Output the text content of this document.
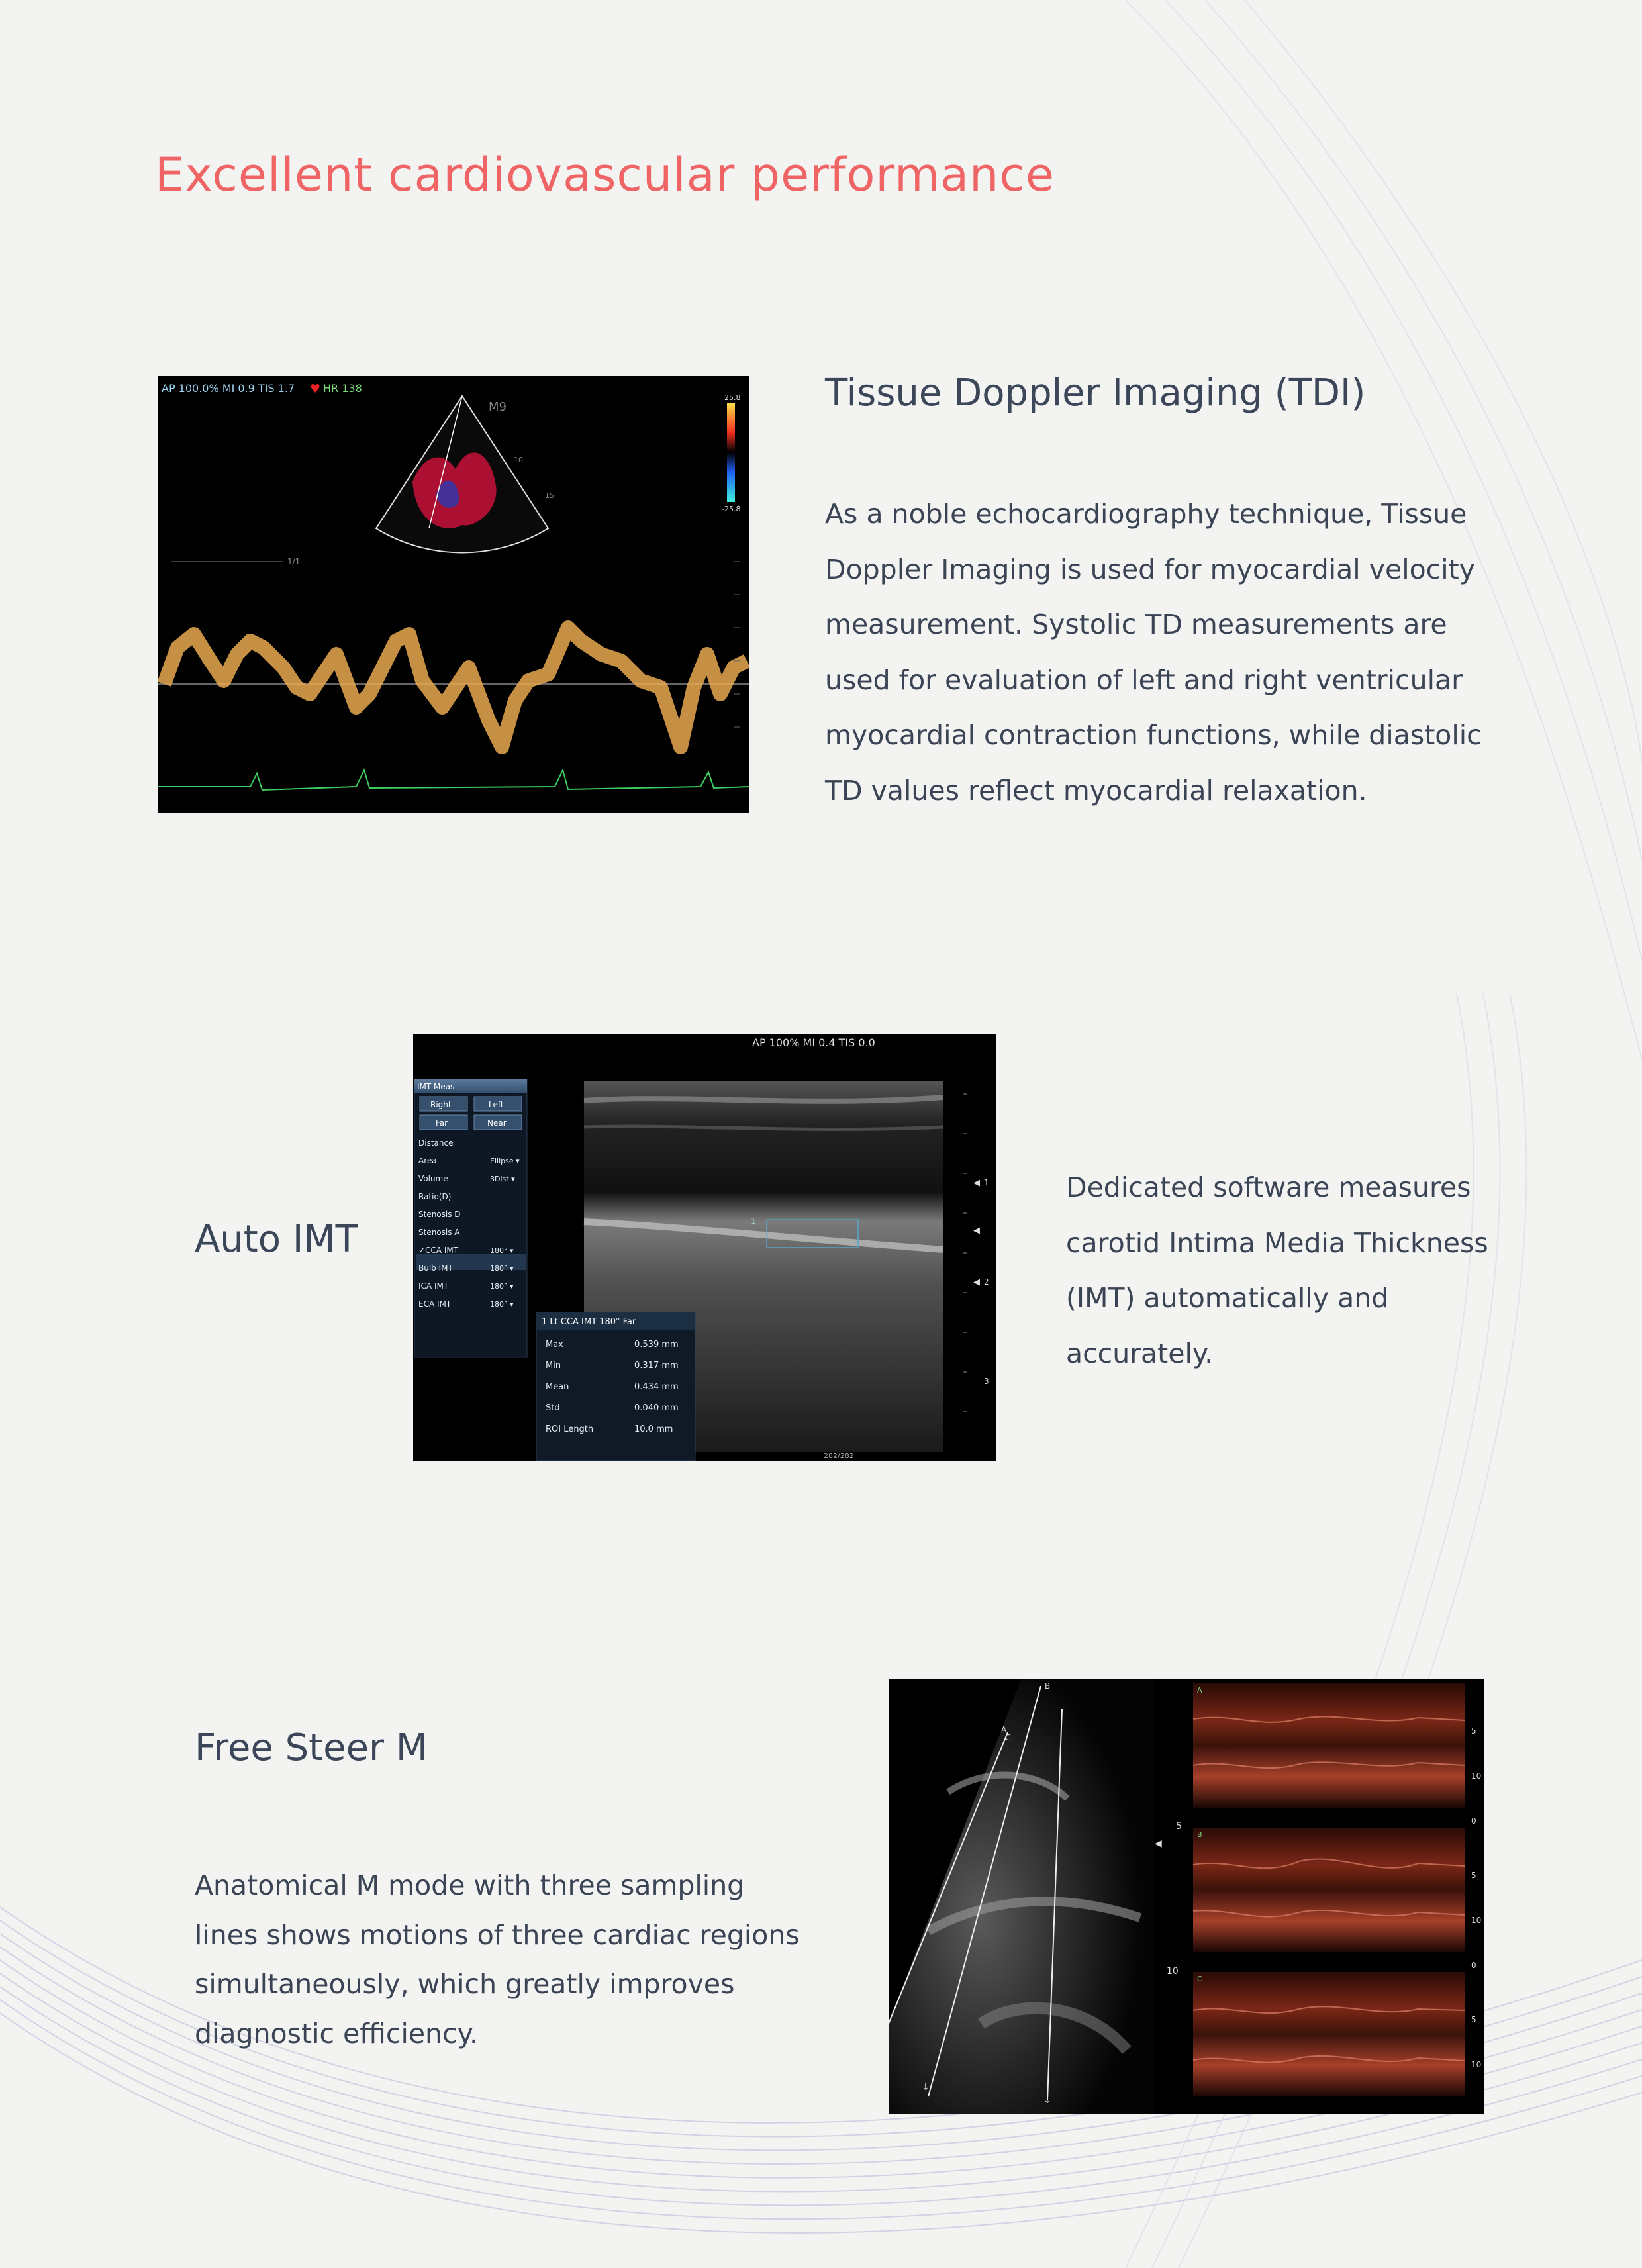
Excellent cardiovascular performance
AP 100.0% MI 0.9 TIS 1.7 ♥ HR 138
M9
10
15
25.8
-25.8
1/1
Tissue Doppler Imaging (TDI)

As a noble echocardiography technique, Tissue Doppler Imaging is used for myocardial velocity measurement. Systolic TD measurements are used for evaluation of left and right ventricular myocardial contraction functions, while diastolic TD values reflect myocardial relaxation.

Auto IMT
AP 100% MI 0.4 TIS 0.0
1
◀ 1
◀
◀ 2
3
IMT Meas
Right	Left
Far	Near
Distance
Area	Ellipse ▾
Volume	3Dist ▾
Ratio(D)
Stenosis D
Stenosis A
✓CCA IMT	180° ▾
Bulb IMT	180° ▾
ICA IMT	180° ▾
ECA IMT	180° ▾
1 Lt CCA IMT 180° Far
Max	0.539 mm
Min	0.317 mm
Mean	0.434 mm
Std	0.040 mm
ROI Length	10.0 mm
282/282

Dedicated software measures carotid Intima Media Thickness (IMT) automatically and accurately.

Free Steer M

Anatomical M mode with three sampling lines shows motions of three cardiac regions simultaneously, which greatly improves diagnostic efficiency.

A
B
C
↓
↓
5
10
◀
A
B
C
5
10
0
5
10
0
5
10
